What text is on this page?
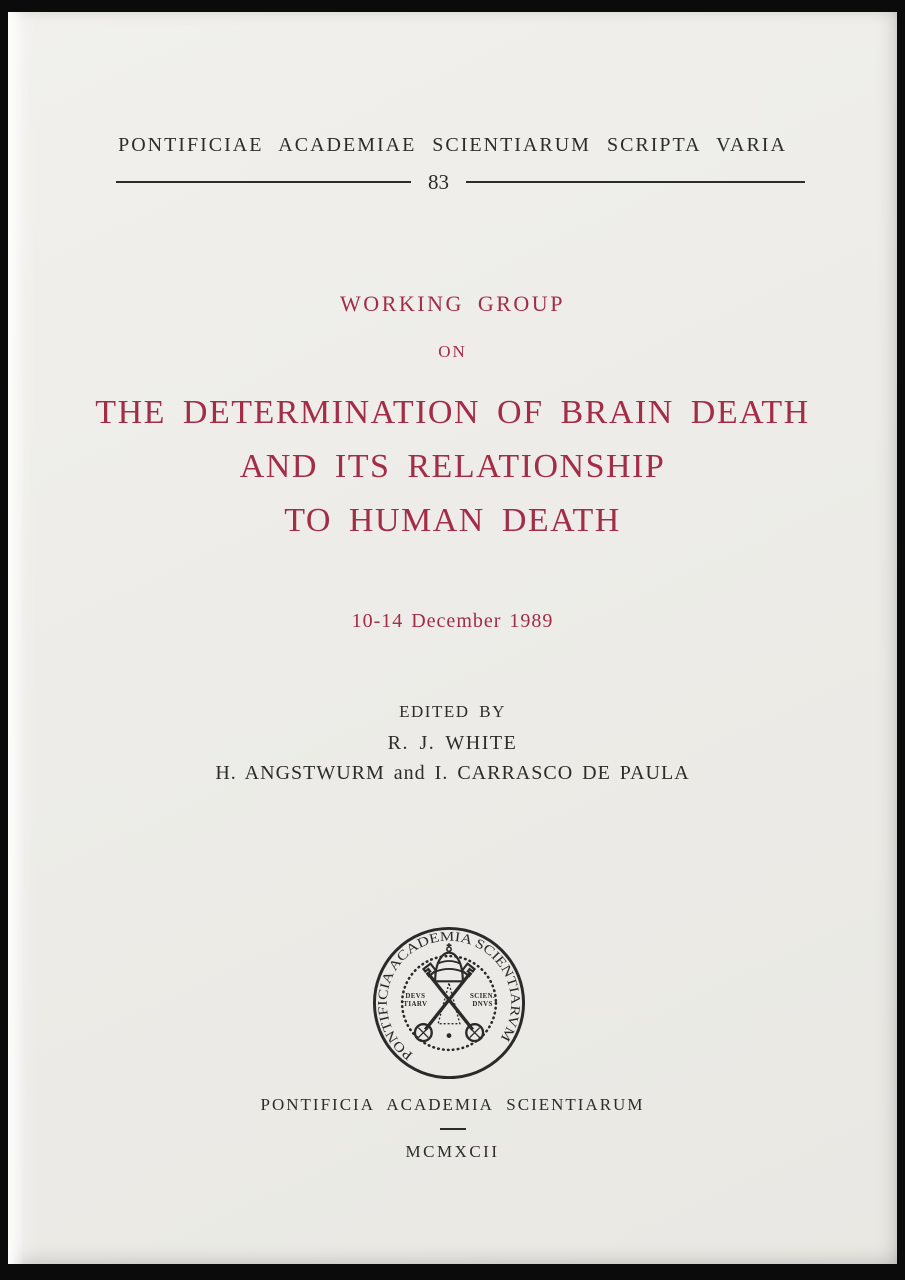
PONTIFICIAE ACADEMIAE SCIENTIARUM SCRIPTA VARIA
83
WORKING GROUP
ON
THE DETERMINATION OF BRAIN DEATH
AND ITS RELATIONSHIP
TO HUMAN DEATH
10-14 December 1989
EDITED BY
R. J. WHITE
H. ANGSTWURM and I. CARRASCO DE PAULA
PONTIFICIA ACADEMIA SCIENTIARVM
DEVS
TIARV
SCIEN.
DNVS
PONTIFICIA ACADEMIA SCIENTIARUM
MCMXCII
